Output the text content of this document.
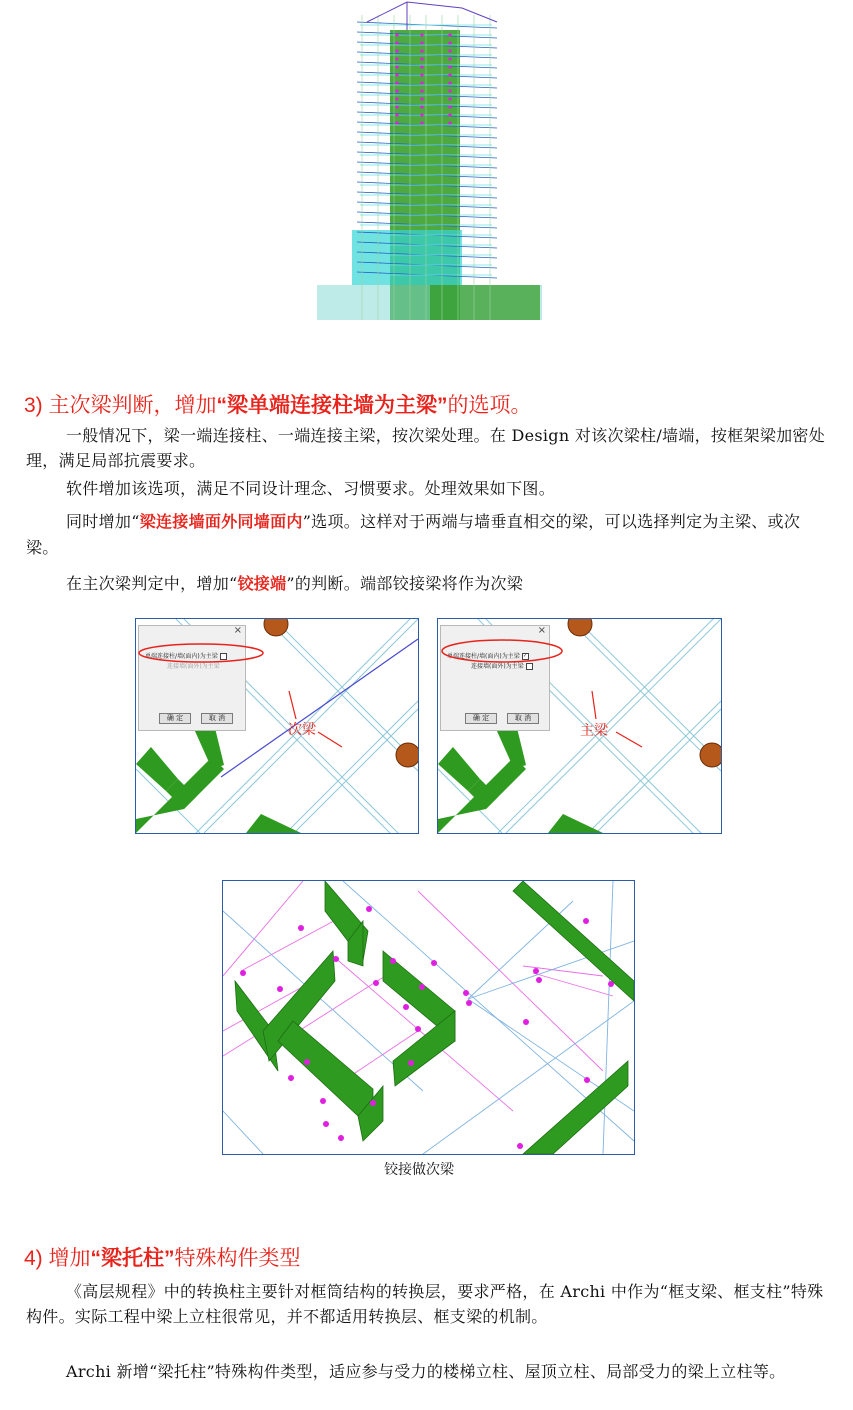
3) 主次梁判断，增加“梁单端连接柱墙为主梁”的选项。
一般情况下，梁一端连接柱、一端连接主梁，按次梁处理。在 Design 对该次梁柱/墙端，按框架梁加密处理，满足局部抗震要求。
软件增加该选项，满足不同设计理念、习惯要求。处理效果如下图。
同时增加“梁连接墙面外同墙面内”选项。这样对于两端与墙垂直相交的梁，可以选择判定为主梁、或次梁。
在主次梁判定中，增加“铰接端”的判断。端部铰接梁将作为次梁
×
单端连接柱/墙(面内)为主梁
连接墙(面外)为主梁
确 定	取 消
次梁
×
单端连接柱/墙(面内)为主梁 ✓
连接墙(面外)为主梁
确 定	取 消
主梁
铰接做次梁
4) 增加“梁托柱”特殊构件类型
《高层规程》中的转换柱主要针对框筒结构的转换层，要求严格，在 Archi 中作为“框支梁、框支柱”特殊构件。实际工程中梁上立柱很常见，并不都适用转换层、框支梁的机制。
Archi 新增“梁托柱”特殊构件类型，适应参与受力的楼梯立柱、屋顶立柱、局部受力的梁上立柱等。
